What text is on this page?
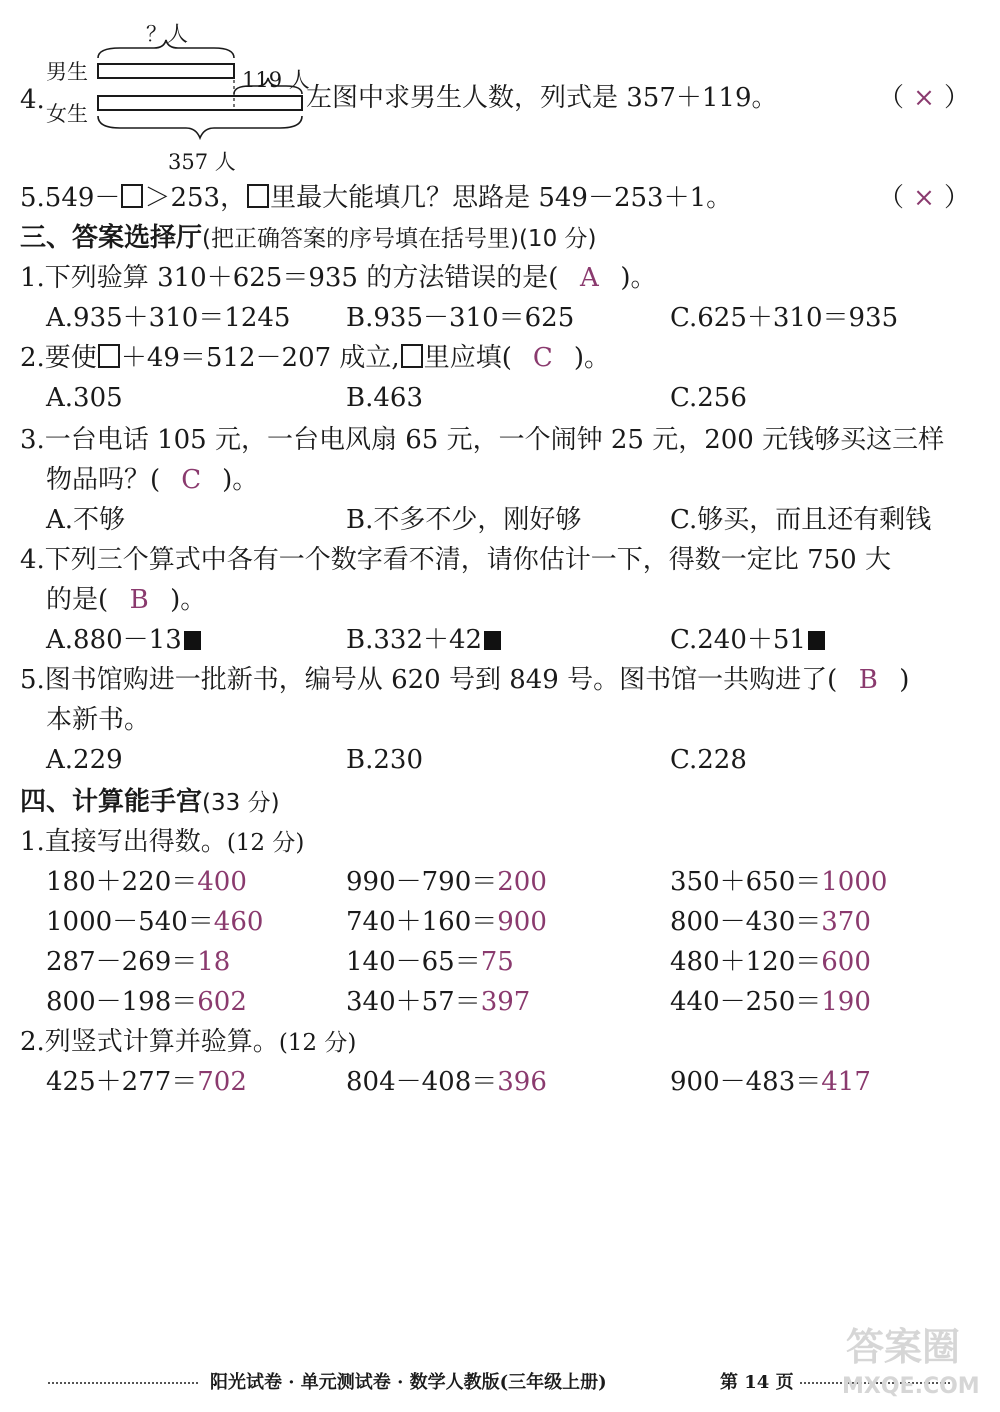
4.
男生
女生
？人
119 人
357 人
左图中求男生人数，列式是 357＋119。	（ × ）
5.549－ ＞253， 里最大能填几？思路是 549－253＋1。	（ × ）
三、答案选择厅(把正确答案的序号填在括号里)(10 分)
1.下列验算 310＋625＝935 的方法错误的是( A )。
A.935＋310＝1245 B.935－310＝625	C.625＋310＝935
2.要使 ＋49＝512－207 成立, 里应填( C )。
A.305	B.463	C.256
3.一台电话 105 元，一台电风扇 65 元，一个闹钟 25 元，200 元钱够买这三样
物品吗？( C )。
A.不够	B.不多不少，刚好够	C.够买，而且还有剩钱
4.下列三个算式中各有一个数字看不清，请你估计一下，得数一定比 750 大
的是( B )。
A.880－13	B.332＋42	C.240＋51
5.图书馆购进一批新书，编号从 620 号到 849 号。图书馆一共购进了( B )
本新书。
A.229	B.230	C.228
四、计算能手宫(33 分)
1.直接写出得数。(12 分)
180＋220＝400	990－790＝200	350＋650＝1000
1000－540＝460	740＋160＝900	800－430＝370
287－269＝18	140－65＝75	480＋120＝600
800－198＝602	340＋57＝397	440－250＝190
2.列竖式计算并验算。(12 分)
425＋277＝702	804－408＝396	900－483＝417
阳光试卷 · 单元测试卷 · 数学人教版(三年级上册)	第 14 页
答案圈
MXQE.COM
